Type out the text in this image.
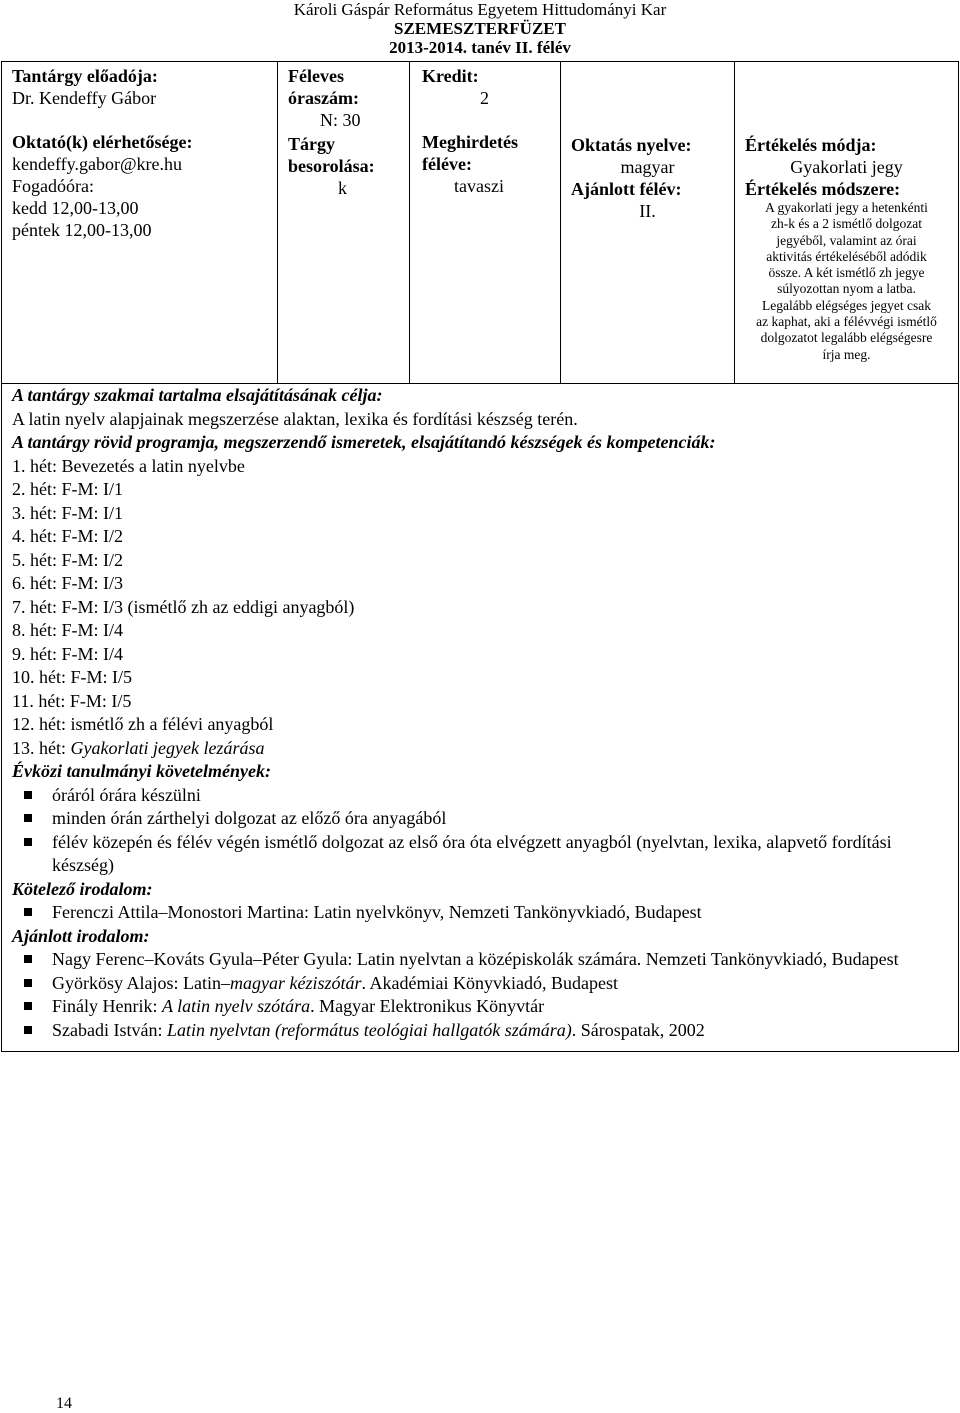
Károli Gáspár Református Egyetem Hittudományi Kar
SZEMESZTERFÜZET
2013-2014. tanév II. félév
Tantárgy előadója:
Dr. Kendeffy Gábor
Oktató(k) elérhetősége:
kendeffy.gabor@kre.hu
Fogadóóra:
kedd 12,00-13,00
péntek 12,00-13,00

Féleves
óraszám:
N: 30
Tárgy
besorolása:
k

Kredit:
2
Meghirdetés
féléve:
tavaszi

Oktatás nyelve:
magyar
Ajánlott félév:
II.

Értékelés módja:
Gyakorlati jegy
Értékelés módszere:
A gyakorlati jegy a hetenkénti
zh-k és a 2 ismétlő dolgozat
jegyéből, valamint az órai
aktivitás értékeléséből adódik
össze. A két ismétlő zh jegye
súlyozottan nyom a latba.
Legalább elégséges jegyet csak
az kaphat, aki a félévvégi ismétlő
dolgozatot legalább elégségesre
írja meg.

A tantárgy szakmai tartalma elsajátításának célja:
A latin nyelv alapjainak megszerzése alaktan, lexika és fordítási készség terén.
A tantárgy rövid programja, megszerzendő ismeretek, elsajátítandó készségek és kompetenciák:
1. hét: Bevezetés a latin nyelvbe
2. hét: F-M: I/1
3. hét: F-M: I/1
4. hét: F-M: I/2
5. hét: F-M: I/2
6. hét: F-M: I/3
7. hét: F-M: I/3 (ismétlő zh az eddigi anyagból)
8. hét: F-M: I/4
9. hét: F-M: I/4
10. hét: F-M: I/5
11. hét: F-M: I/5
12. hét: ismétlő zh a félévi anyagból
13. hét: Gyakorlati jegyek lezárása
Évközi tanulmányi követelmények:
óráról órára készülni
minden órán zárthelyi dolgozat az előző óra anyagából
félév közepén és félév végén ismétlő dolgozat az első óra óta elvégzett anyagból (nyelvtan, lexika, alapvető fordítási készség)
Kötelező irodalom:
Ferenczi Attila–Monostori Martina: Latin nyelvkönyv, Nemzeti Tankönyvkiadó, Budapest
Ajánlott irodalom:
Nagy Ferenc–Kováts Gyula–Péter Gyula: Latin nyelvtan a középiskolák számára. Nemzeti Tankönyvkiadó, Budapest
Györkösy Alajos: Latin–magyar kéziszótár. Akadémiai Könyvkiadó, Budapest
Finály Henrik: A latin nyelv szótára. Magyar Elektronikus Könyvtár
Szabadi István: Latin nyelvtan (református teológiai hallgatók számára). Sárospatak, 2002
14
